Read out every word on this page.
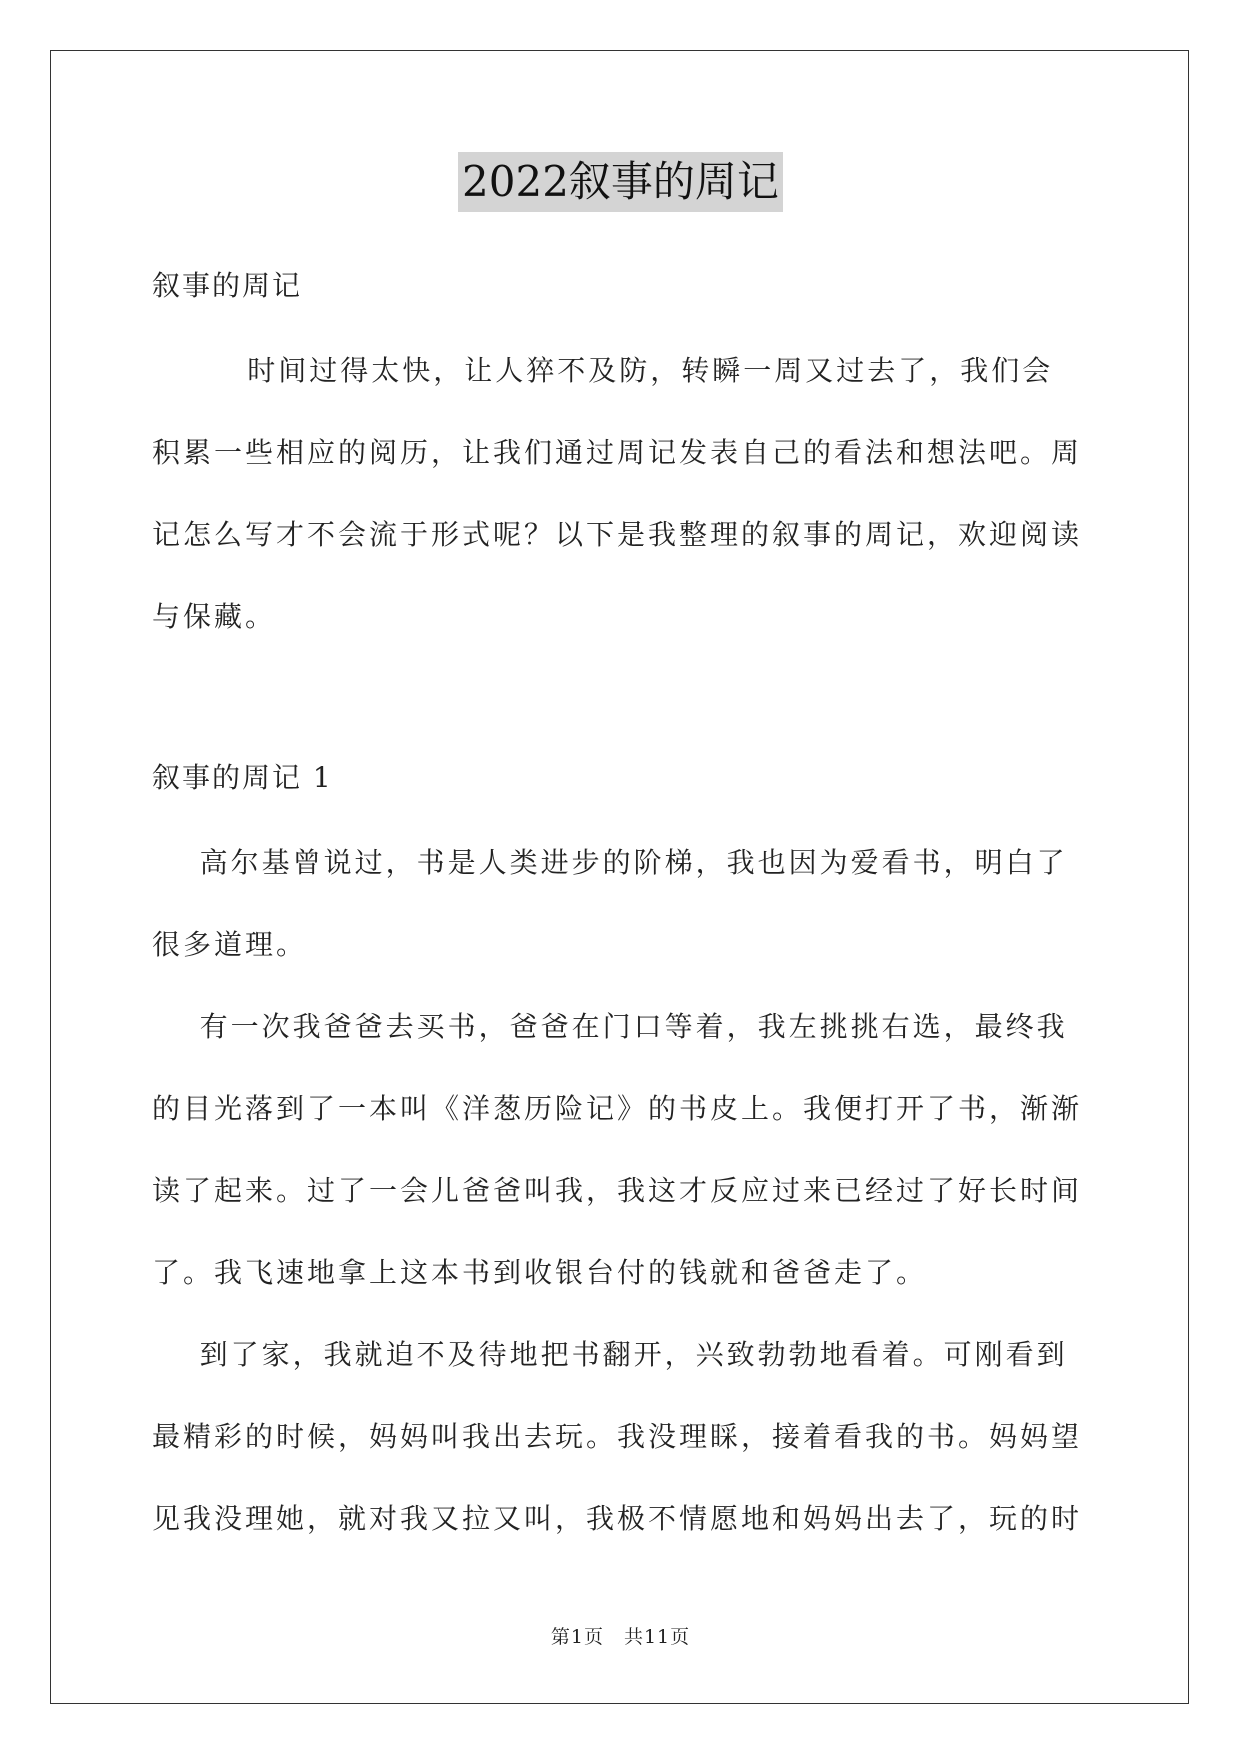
2022叙事的周记
叙事的周记
时间过得太快，让人猝不及防，转瞬一周又过去了，我们会
积累一些相应的阅历，让我们通过周记发表自己的看法和想法吧。周
记怎么写才不会流于形式呢？以下是我整理的叙事的周记，欢迎阅读
与保藏。
叙事的周记 1
高尔基曾说过，书是人类进步的阶梯，我也因为爱看书，明白了
很多道理。
有一次我爸爸去买书，爸爸在门口等着，我左挑挑右选，最终我
的目光落到了一本叫《洋葱历险记》的书皮上。我便打开了书，渐渐
读了起来。过了一会儿爸爸叫我，我这才反应过来已经过了好长时间
了。我飞速地拿上这本书到收银台付的钱就和爸爸走了。
到了家，我就迫不及待地把书翻开，兴致勃勃地看着。可刚看到
最精彩的时候，妈妈叫我出去玩。我没理睬，接着看我的书。妈妈望
见我没理她，就对我又拉又叫，我极不情愿地和妈妈出去了，玩的时
第1页 共11页
